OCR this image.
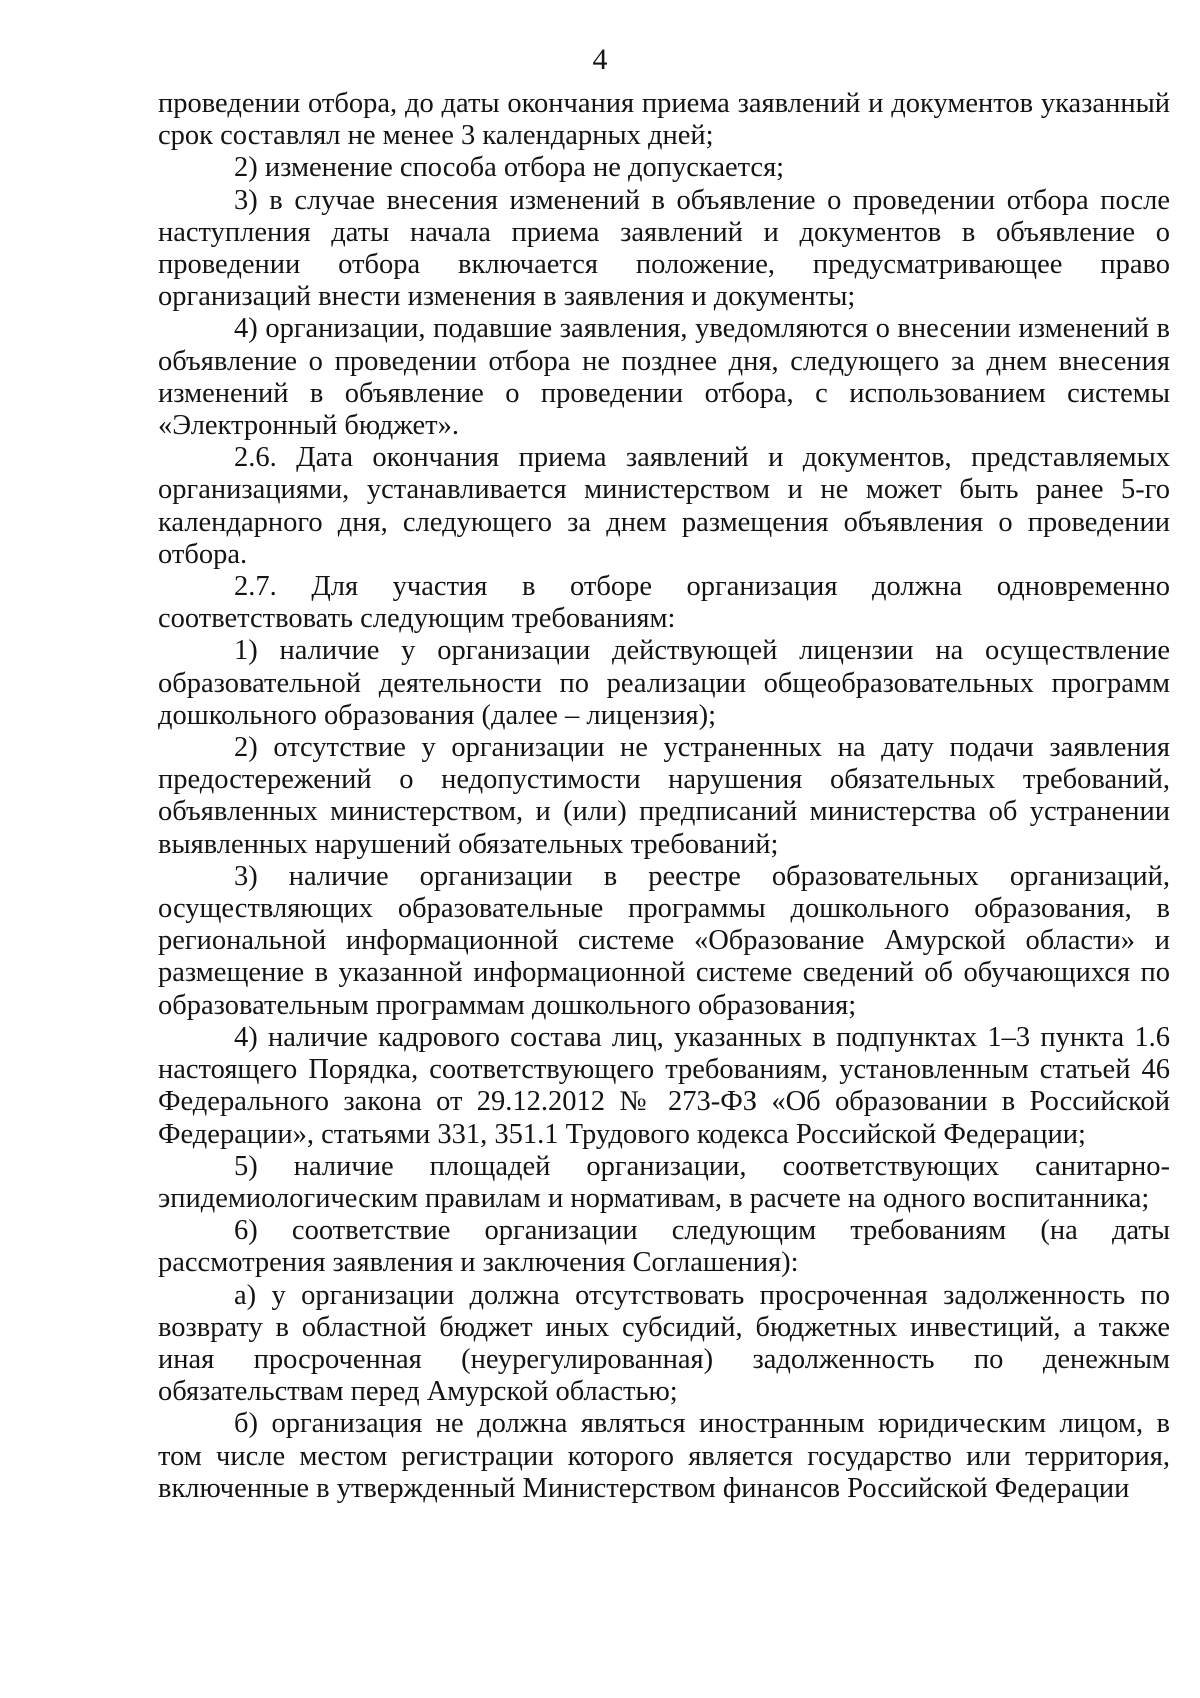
4

проведении отбора, до даты окончания приема заявлений и документов указанный срок составлял не менее 3 календарных дней;

2) изменение способа отбора не допускается;

3) в случае внесения изменений в объявление о проведении отбора после наступления даты начала приема заявлений и документов в объявление о проведении отбора включается положение, предусматривающее право организаций внести изменения в заявления и документы;

4) организации, подавшие заявления, уведомляются о внесении изменений в объявление о проведении отбора не позднее дня, следующего за днем внесения изменений в объявление о проведении отбора, с использованием системы «Электронный бюджет».

2.6. Дата окончания приема заявлений и документов, представляемых организациями, устанавливается министерством и не может быть ранее 5-го календарного дня, следующего за днем размещения объявления о проведении отбора.

2.7. Для участия в отборе организация должна одновременно соответствовать следующим требованиям:

1) наличие у организации действующей лицензии на осуществление образовательной деятельности по реализации общеобразовательных программ дошкольного образования (далее – лицензия);

2) отсутствие у организации не устраненных на дату подачи заявления предостережений о недопустимости нарушения обязательных требований, объявленных министерством, и (или) предписаний министерства об устранении выявленных нарушений обязательных требований;

3) наличие организации в реестре образовательных организаций, осуществляющих образовательные программы дошкольного образования, в региональной информационной системе «Образование Амурской области» и размещение в указанной информационной системе сведений об обучающихся по образовательным программам дошкольного образования;

4) наличие кадрового состава лиц, указанных в подпунктах 1–3 пункта 1.6 настоящего Порядка, соответствующего требованиям, установленным статьей 46 Федерального закона от 29.12.2012 № 273-ФЗ «Об образовании в Российской Федерации», статьями 331, 351.1 Трудового кодекса Российской Федерации;

5) наличие площадей организации, соответствующих санитарно-эпидемиологическим правилам и нормативам, в расчете на одного воспитанника;

6) соответствие организации следующим требованиям (на даты рассмотрения заявления и заключения Соглашения):

а) у организации должна отсутствовать просроченная задолженность по возврату в областной бюджет иных субсидий, бюджетных инвестиций, а также иная просроченная (неурегулированная) задолженность по денежным обязательствам перед Амурской областью;

б) организация не должна являться иностранным юридическим лицом, в том числе местом регистрации которого является государство или территория, включенные в утвержденный Министерством финансов Российской Федерации
